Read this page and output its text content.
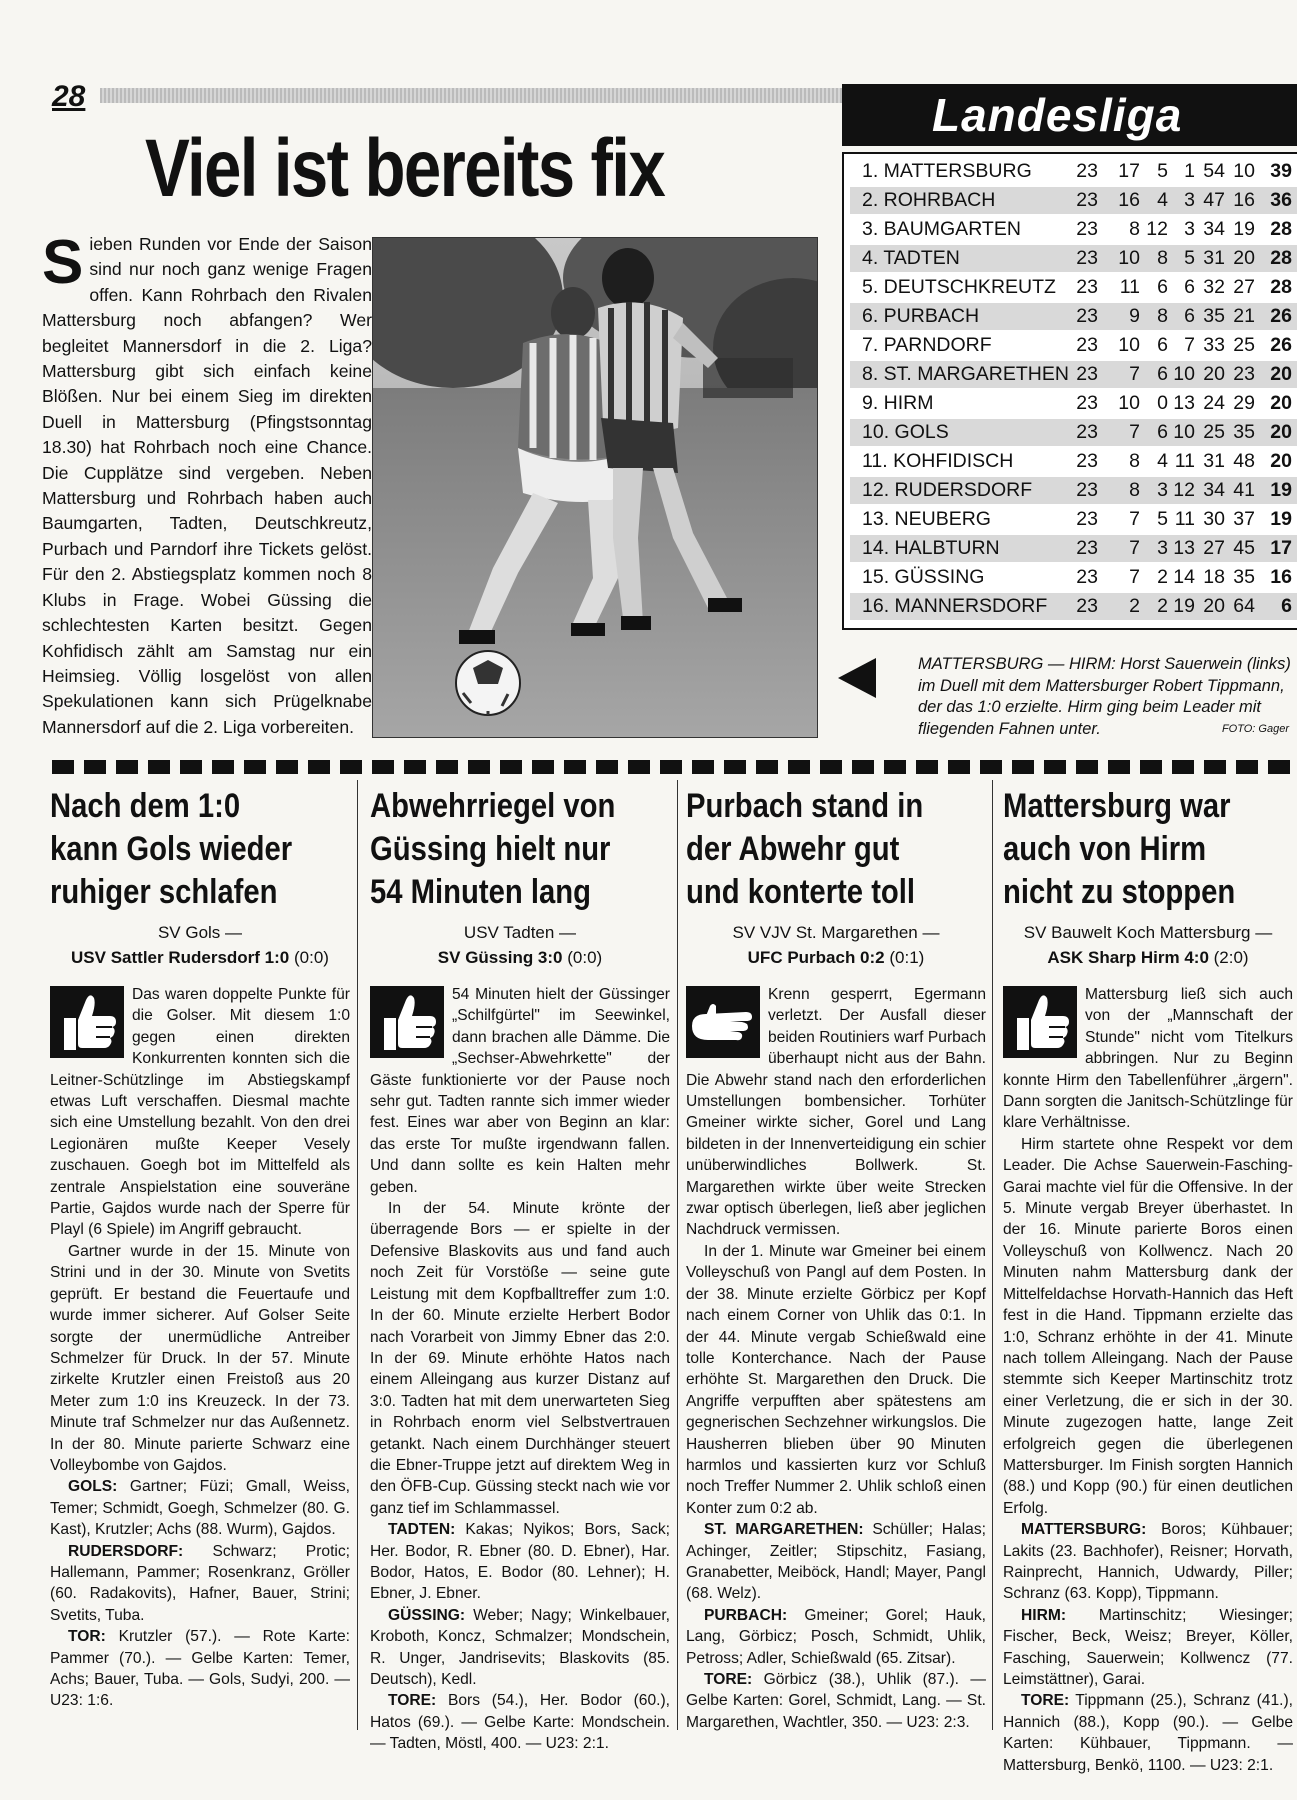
28
Viel ist bereits fix
Sieben Runden vor Ende der Saison sind nur noch ganz wenige Fragen offen. Kann Rohrbach den Rivalen Mattersburg noch abfangen? Wer begleitet Mannersdorf in die 2. Liga? Mattersburg gibt sich einfach keine Blößen. Nur bei einem Sieg im direkten Duell in Mattersburg (Pfingstsonntag 18.30) hat Rohrbach noch eine Chance. Die Cupplätze sind vergeben. Neben Mattersburg und Rohrbach haben auch Baumgarten, Tadten, Deutschkreutz, Purbach und Parndorf ihre Tickets gelöst. Für den 2. Abstiegsplatz kommen noch 8 Klubs in Frage. Wobei Güssing die schlechtesten Karten besitzt. Gegen Kohfidisch zählt am Samstag nur ein Heimsieg. Völlig losgelöst von allen Spekulationen kann sich Prügelknabe Mannersdorf auf die 2. Liga vorbereiten.
Landesliga
1. MATTERSBURG	23	17 5 1 54 10 39
2. ROHRBACH	23	16 4 3 47 16 36
3. BAUMGARTEN	23	8 12 3 34 19 28
4. TADTEN	23	10 8 5 31 20 28
5. DEUTSCHKREUTZ	23	11 6 6 32 27 28
6. PURBACH	23	9 8 6 35 21 26
7. PARNDORF	23	10 6 7 33 25 26
8. ST. MARGARETHEN 23	7 6 10 20 23 20
9. HIRM	23	10 0 13 24 29 20
10. GOLS	23	7 6 10 25 35 20
11. KOHFIDISCH	23	8 4 11 31 48 20
12. RUDERSDORF	23	8 3 12 34 41 19
13. NEUBERG	23	7 5 11 30 37 19
14. HALBTURN	23	7 3 13 27 45 17
15. GÜSSING	23	7 2 14 18 35 16
16. MANNERSDORF	23	2 2 19 20 64	6
MATTERSBURG — HIRM: Horst Sauerwein (links) im Duell mit dem Mattersburger Robert Tippmann, der das 1:0 erzielte. Hirm ging beim Leader mit fliegenden Fahnen unter.	FOTO: Gager
Nach dem 1:0
kann Gols wieder
ruhiger schlafen
SV Gols —
USV Sattler Rudersdorf 1:0 (0:0)

Das waren doppelte Punkte für die Golser. Mit diesem 1:0 gegen einen direkten Konkurrenten konnten sich die Leitner-Schützlinge im Abstiegskampf etwas Luft verschaffen. Diesmal machte sich eine Umstellung bezahlt. Von den drei Legionären mußte Keeper Vesely zuschauen. Goegh bot im Mittelfeld als zentrale Anspielstation eine souveräne Partie, Gajdos wurde nach der Sperre für Playl (6 Spiele) im Angriff gebraucht.

Gartner wurde in der 15. Minute von Strini und in der 30. Minute von Svetits geprüft. Er bestand die Feuertaufe und wurde immer sicherer. Auf Golser Seite sorgte der unermüdliche Antreiber Schmelzer für Druck. In der 57. Minute zirkelte Krutzler einen Freistoß aus 20 Meter zum 1:0 ins Kreuzeck. In der 73. Minute traf Schmelzer nur das Außennetz. In der 80. Minute parierte Schwarz eine Volleybombe von Gajdos.

GOLS: Gartner; Füzi; Gmall, Weiss, Temer; Schmidt, Goegh, Schmelzer (80. G. Kast), Krutzler; Achs (88. Wurm), Gajdos.

RUDERSDORF: Schwarz; Protic; Hallemann, Pammer; Rosenkranz, Gröller (60. Radakovits), Hafner, Bauer, Strini; Svetits, Tuba.

TOR: Krutzler (57.). — Rote Karte: Pammer (70.). — Gelbe Karten: Temer, Achs; Bauer, Tuba. — Gols, Sudyi, 200. — U23: 1:6.

Abwehrriegel von
Güssing hielt nur
54 Minuten lang
USV Tadten —
SV Güssing 3:0 (0:0)

54 Minuten hielt der Güssinger „Schilfgürtel" im Seewinkel, dann brachen alle Dämme. Die „Sechser-Abwehrkette" der Gäste funktionierte vor der Pause noch sehr gut. Tadten rannte sich immer wieder fest. Eines war aber von Beginn an klar: das erste Tor mußte irgendwann fallen. Und dann sollte es kein Halten mehr geben.

In der 54. Minute krönte der überragende Bors — er spielte in der Defensive Blaskovits aus und fand auch noch Zeit für Vorstöße — seine gute Leistung mit dem Kopfballtreffer zum 1:0. In der 60. Minute erzielte Herbert Bodor nach Vorarbeit von Jimmy Ebner das 2:0. In der 69. Minute erhöhte Hatos nach einem Alleingang aus kurzer Distanz auf 3:0. Tadten hat mit dem unerwarteten Sieg in Rohrbach enorm viel Selbstvertrauen getankt. Nach einem Durchhänger steuert die Ebner-Truppe jetzt auf direktem Weg in den ÖFB-Cup. Güssing steckt nach wie vor ganz tief im Schlammassel.

TADTEN: Kakas; Nyikos; Bors, Sack; Her. Bodor, R. Ebner (80. D. Ebner), Har. Bodor, Hatos, E. Bodor (80. Lehner); H. Ebner, J. Ebner.

GÜSSING: Weber; Nagy; Winkelbauer, Kroboth, Koncz, Schmalzer; Mondschein, R. Unger, Jandrisevits; Blaskovits (85. Deutsch), Kedl.

TORE: Bors (54.), Her. Bodor (60.), Hatos (69.). — Gelbe Karte: Mondschein. — Tadten, Möstl, 400. — U23: 2:1.

Purbach stand in
der Abwehr gut
und konterte toll
SV VJV St. Margarethen —
UFC Purbach 0:2 (0:1)

Krenn gesperrt, Egermann verletzt. Der Ausfall dieser beiden Routiniers warf Purbach überhaupt nicht aus der Bahn. Die Abwehr stand nach den erforderlichen Umstellungen bombensicher. Torhüter Gmeiner wirkte sicher, Gorel und Lang bildeten in der Innenverteidigung ein schier unüberwindliches Bollwerk. St. Margarethen wirkte über weite Strecken zwar optisch überlegen, ließ aber jeglichen Nachdruck vermissen.

In der 1. Minute war Gmeiner bei einem Volleyschuß von Pangl auf dem Posten. In der 38. Minute erzielte Görbicz per Kopf nach einem Corner von Uhlik das 0:1. In der 44. Minute vergab Schießwald eine tolle Konterchance. Nach der Pause erhöhte St. Margarethen den Druck. Die Angriffe verpufften aber spätestens am gegnerischen Sechzehner wirkungslos. Die Hausherren blieben über 90 Minuten harmlos und kassierten kurz vor Schluß noch Treffer Nummer 2. Uhlik schloß einen Konter zum 0:2 ab.

ST. MARGARETHEN: Schüller; Halas; Achinger, Zeitler; Stipschitz, Fasiang, Granabetter, Meiböck, Handl; Mayer, Pangl (68. Welz).

PURBACH: Gmeiner; Gorel; Hauk, Lang, Görbicz; Posch, Schmidt, Uhlik, Petross; Adler, Schießwald (65. Zitsar).

TORE: Görbicz (38.), Uhlik (87.). — Gelbe Karten: Gorel, Schmidt, Lang. — St. Margarethen, Wachtler, 350. — U23: 2:3.

Mattersburg war
auch von Hirm
nicht zu stoppen
SV Bauwelt Koch Mattersburg —
ASK Sharp Hirm 4:0 (2:0)

Mattersburg ließ sich auch von der „Mannschaft der Stunde" nicht vom Titelkurs abbringen. Nur zu Beginn konnte Hirm den Tabellenführer „ärgern". Dann sorgten die Janitsch-Schützlinge für klare Verhältnisse.

Hirm startete ohne Respekt vor dem Leader. Die Achse Sauerwein-Fasching-Garai machte viel für die Offensive. In der 5. Minute vergab Breyer überhastet. In der 16. Minute parierte Boros einen Volleyschuß von Kollwencz. Nach 20 Minuten nahm Mattersburg dank der Mittelfeldachse Horvath-Hannich das Heft fest in die Hand. Tippmann erzielte das 1:0, Schranz erhöhte in der 41. Minute nach tollem Alleingang. Nach der Pause stemmte sich Keeper Martinschitz trotz einer Verletzung, die er sich in der 30. Minute zugezogen hatte, lange Zeit erfolgreich gegen die überlegenen Mattersburger. Im Finish sorgten Hannich (88.) und Kopp (90.) für einen deutlichen Erfolg.

MATTERSBURG: Boros; Kühbauer; Lakits (23. Bachhofer), Reisner; Horvath, Rainprecht, Hannich, Udwardy, Piller; Schranz (63. Kopp), Tippmann.

HIRM: Martinschitz; Wiesinger; Fischer, Beck, Weisz; Breyer, Köller, Fasching, Sauerwein; Kollwencz (77. Leimstättner), Garai.

TORE: Tippmann (25.), Schranz (41.), Hannich (88.), Kopp (90.). — Gelbe Karten: Kühbauer, Tippmann. — Mattersburg, Benkö, 1100. — U23: 2:1.
